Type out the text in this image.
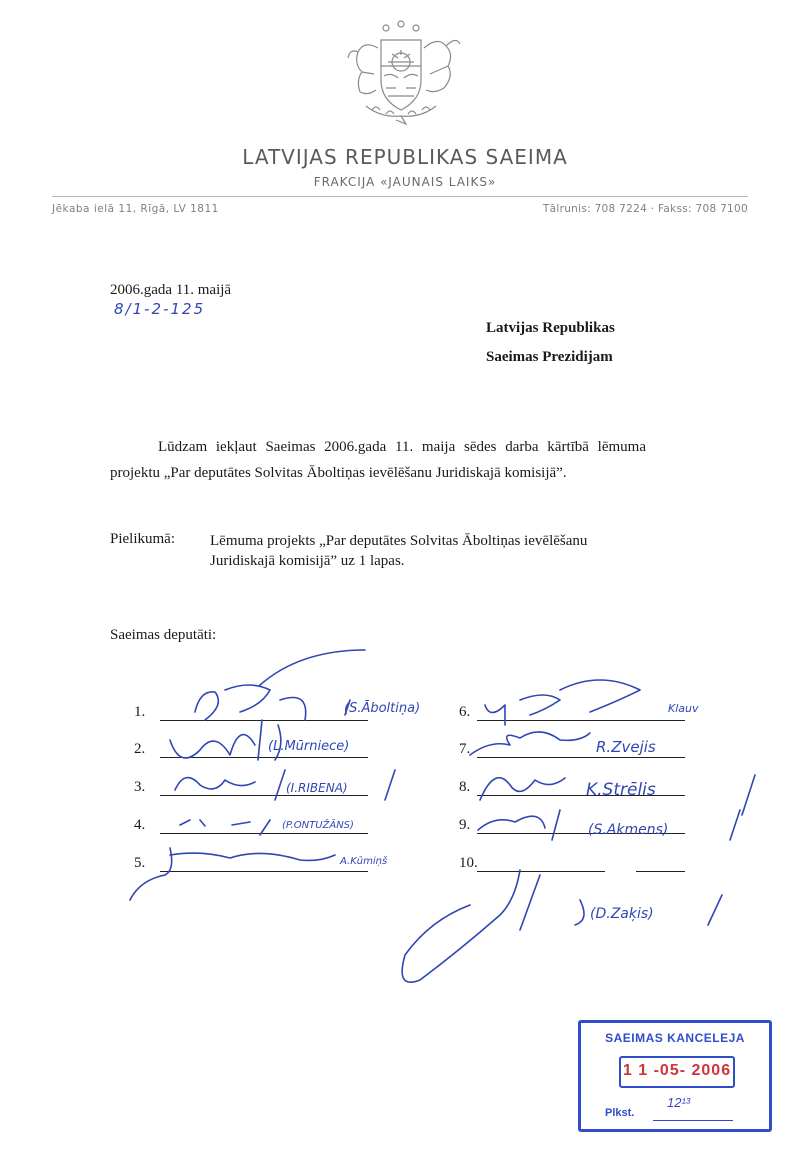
LATVIJAS REPUBLIKAS SAEIMA
FRAKCIJA «JAUNAIS LAIKS»
Jēkaba ielā 11, Rīgā, LV 1811	Tālrunis: 708 7224 · Fakss: 708 7100
2006.gada 11. maijā
8/1-2-125
Latvijas Republikas
Saeimas Prezidijam
Lūdzam iekļaut Saeimas 2006.gada 11. maija sēdes darba kārtībā lēmuma projektu „Par deputātes Solvitas Āboltiņas ievēlēšanu Juridiskajā komisijā”.
Pielikumā: Lēmuma projekts „Par deputātes Solvitas Āboltiņas ievēlēšanu Juridiskajā komisijā” uz 1 lapas.
Saeimas deputāti:
1.
2.
3.
4.
5.
6.
7.
8.
9.
10.
(S.Āboltiņa)
(L.Mūrniece)
(I.RIBENA)
(P.ONTUŽĀNS)
A.Kūmiņš
Klauv
R.Zvejis
K.Strēlis
(S.Akmens)
(D.Zaķis)
SAEIMAS KANCELEJA
1 1 -05- 2006
12¹³
Plkst.
